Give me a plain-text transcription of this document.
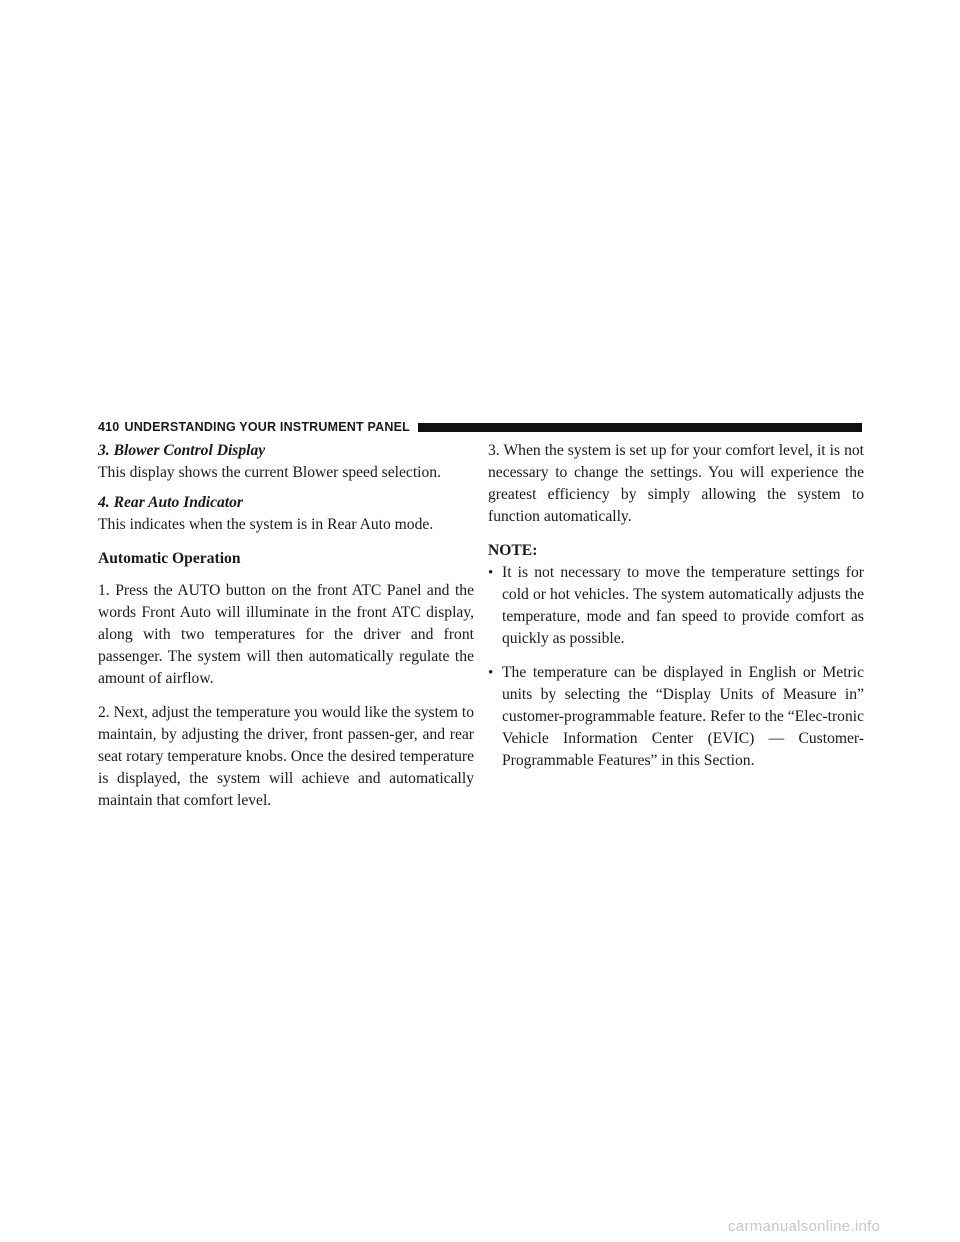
410 UNDERSTANDING YOUR INSTRUMENT PANEL

3. Blower Control Display

This display shows the current Blower speed selection.

4. Rear Auto Indicator

This indicates when the system is in Rear Auto mode.

Automatic Operation

1. Press the AUTO button on the front ATC Panel and the words Front Auto will illuminate in the front ATC display, along with two temperatures for the driver and front passenger. The system will then automatically regulate the amount of airflow.

2. Next, adjust the temperature you would like the system to maintain, by adjusting the driver, front passen-ger, and rear seat rotary temperature knobs. Once the desired temperature is displayed, the system will achieve and automatically maintain that comfort level.

3. When the system is set up for your comfort level, it is not necessary to change the settings. You will experience the greatest efficiency by simply allowing the system to function automatically.

NOTE:

• It is not necessary to move the temperature settings for cold or hot vehicles. The system automatically adjusts the temperature, mode and fan speed to provide comfort as quickly as possible.
• The temperature can be displayed in English or Metric units by selecting the “Display Units of Measure in” customer-programmable feature. Refer to the “Elec-tronic Vehicle Information Center (EVIC) — Customer-Programmable Features” in this Section.
carmanualsonline.info
